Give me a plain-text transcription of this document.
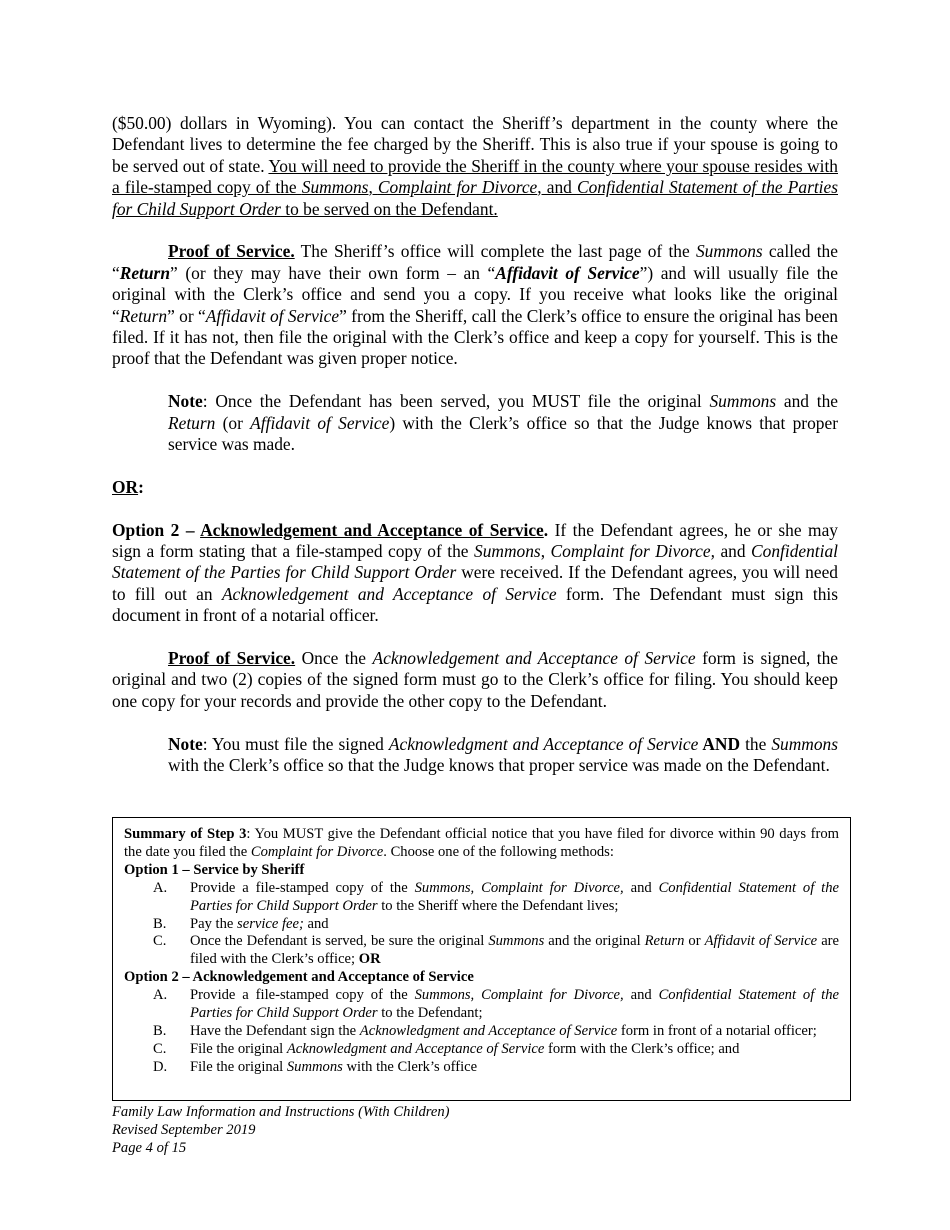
($50.00) dollars in Wyoming). You can contact the Sheriff’s department in the county where the Defendant lives to determine the fee charged by the Sheriff. This is also true if your spouse is going to be served out of state. You will need to provide the Sheriff in the county where your spouse resides with a file-stamped copy of the Summons, Complaint for Divorce, and Confidential Statement of the Parties for Child Support Order to be served on the Defendant.

Proof of Service. The Sheriff’s office will complete the last page of the Summons called the “Return” (or they may have their own form – an “Affidavit of Service”) and will usually file the original with the Clerk’s office and send you a copy. If you receive what looks like the original “Return” or “Affidavit of Service” from the Sheriff, call the Clerk’s office to ensure the original has been filed. If it has not, then file the original with the Clerk’s office and keep a copy for yourself. This is the proof that the Defendant was given proper notice.

Note: Once the Defendant has been served, you MUST file the original Summons and the Return (or Affidavit of Service) with the Clerk’s office so that the Judge knows that proper service was made.

OR:

Option 2 – Acknowledgement and Acceptance of Service. If the Defendant agrees, he or she may sign a form stating that a file-stamped copy of the Summons, Complaint for Divorce, and Confidential Statement of the Parties for Child Support Order were received. If the Defendant agrees, you will need to fill out an Acknowledgement and Acceptance of Service form. The Defendant must sign this document in front of a notarial officer.

Proof of Service. Once the Acknowledgement and Acceptance of Service form is signed, the original and two (2) copies of the signed form must go to the Clerk’s office for filing. You should keep one copy for your records and provide the other copy to the Defendant.

Note: You must file the signed Acknowledgment and Acceptance of Service AND the Summons with the Clerk’s office so that the Judge knows that proper service was made on the Defendant.

Summary of Step 3: You MUST give the Defendant official notice that you have filed for divorce within 90 days from the date you filed the Complaint for Divorce. Choose one of the following methods:

Option 1 – Service by Sheriff

A.	Provide a file-stamped copy of the Summons, Complaint for Divorce, and Confidential Statement of the Parties for Child Support Order to the Sheriff where the Defendant lives;
B.	Pay the service fee; and
C.	Once the Defendant is served, be sure the original Summons and the original Return or Affidavit of Service are filed with the Clerk’s office; OR

Option 2 – Acknowledgement and Acceptance of Service

A.	Provide a file-stamped copy of the Summons, Complaint for Divorce, and Confidential Statement of the Parties for Child Support Order to the Defendant;
B.	Have the Defendant sign the Acknowledgment and Acceptance of Service form in front of a notarial officer;
C.	File the original Acknowledgment and Acceptance of Service form with the Clerk’s office; and
D.	File the original Summons with the Clerk’s office
Family Law Information and Instructions (With Children)
Revised September 2019
Page 4 of 15
